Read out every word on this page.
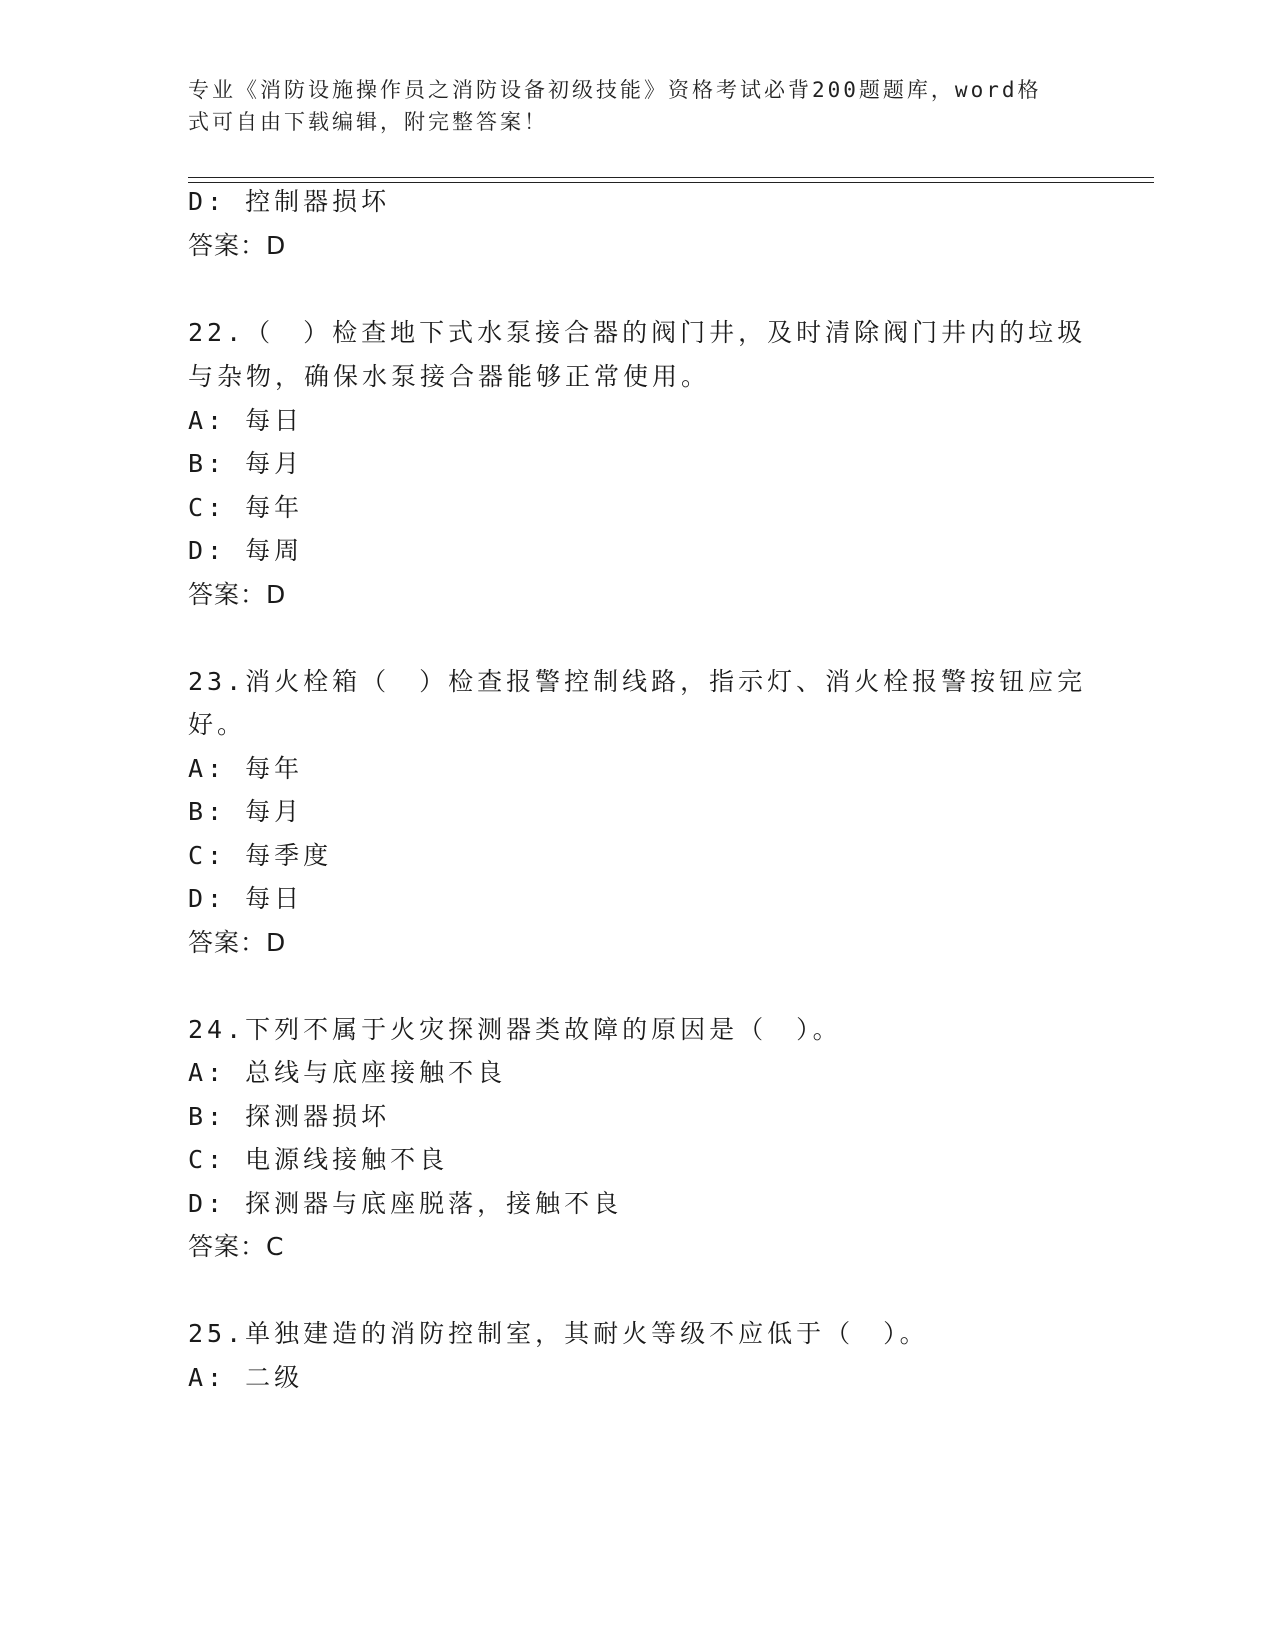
专业《消防设施操作员之消防设备初级技能》资格考试必背200题题库，word格
式可自由下载编辑，附完整答案！
D: 控制器损坏
答案：D
22.（　）检查地下式水泵接合器的阀门井，及时清除阀门井内的垃圾
与杂物，确保水泵接合器能够正常使用。
A: 每日
B: 每月
C: 每年
D: 每周
答案：D
23.消火栓箱（　）检查报警控制线路，指示灯、消火栓报警按钮应完
好。
A: 每年
B: 每月
C: 每季度
D: 每日
答案：D
24.下列不属于火灾探测器类故障的原因是（　）。
A: 总线与底座接触不良
B: 探测器损坏
C: 电源线接触不良
D: 探测器与底座脱落，接触不良
答案：C
25.单独建造的消防控制室，其耐火等级不应低于（　）。
A: 二级
